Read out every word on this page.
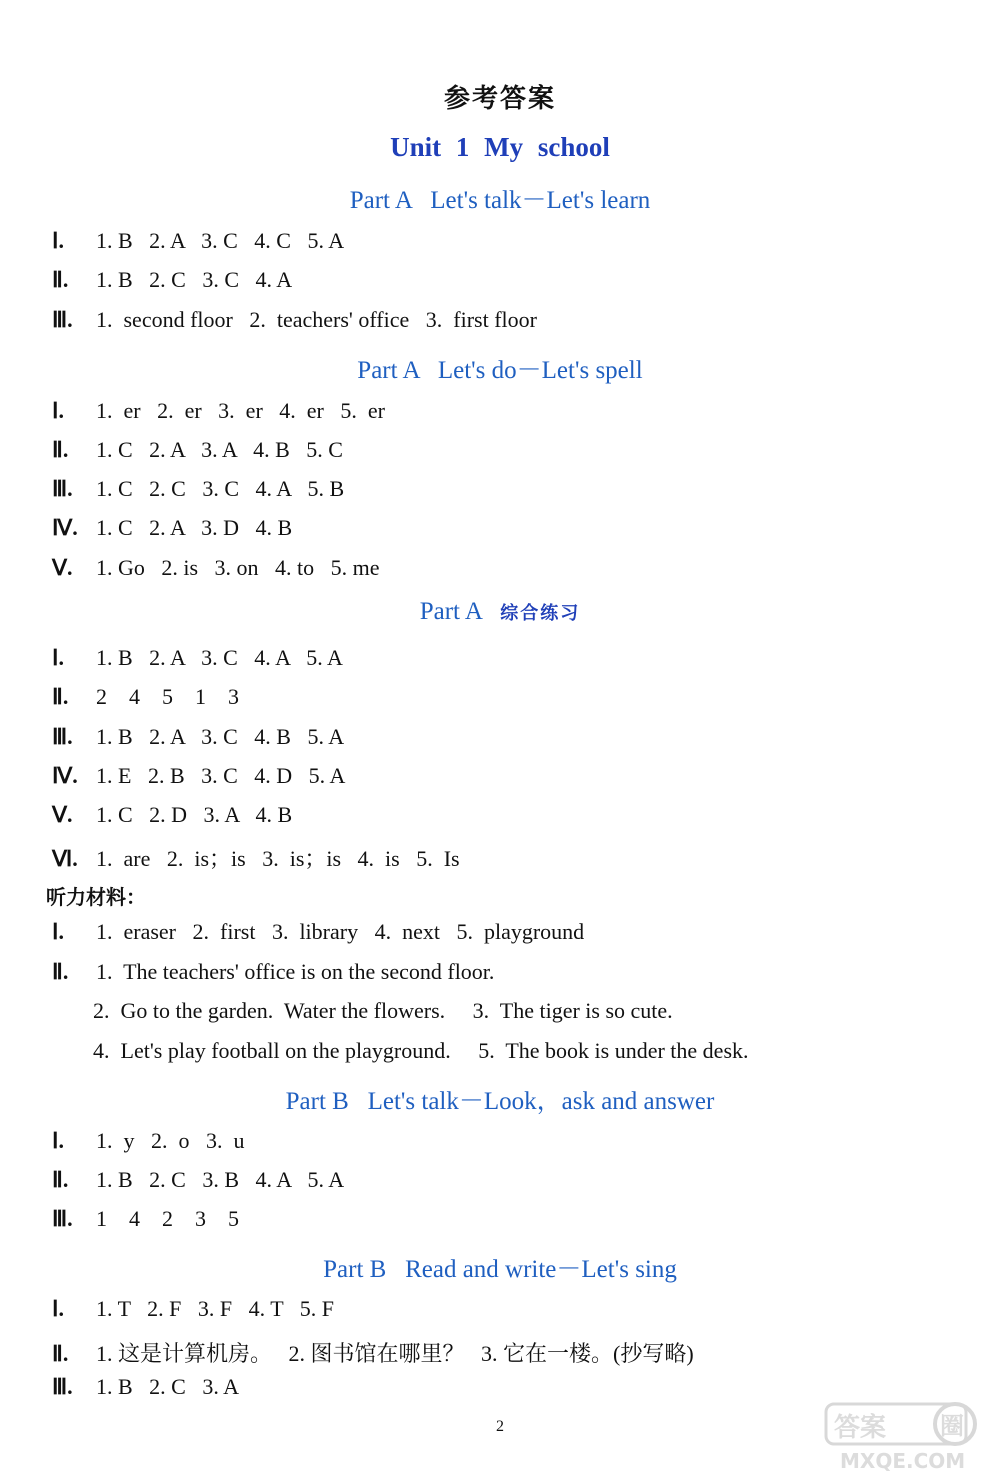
参考答案
Unit 1 My school
Part A   Let's talk－Let's learn
Ⅰ. 1. B   2. A   3. C   4. C   5. A
Ⅱ. 1. B   2. C   3. C   4. A
Ⅲ. 1.  second floor   2.  teachers' office   3.  first floor
Part A   Let's do－Let's spell
Ⅰ. 1.  er   2.  er   3.  er   4.  er   5.  er
Ⅱ. 1. C   2. A   3. A   4. B   5. C
Ⅲ. 1. C   2. C   3. C   4. A   5. B
Ⅳ. 1. C   2. A   3. D   4. B
Ⅴ. 1. Go   2. is   3. on   4. to   5. me
Part A   综合练习
Ⅰ. 1. B   2. A   3. C   4. A   5. A
Ⅱ. 2    4    5    1    3
Ⅲ. 1. B   2. A   3. C   4. B   5. A
Ⅳ. 1. E   2. B   3. C   4. D   5. A
Ⅴ. 1. C   2. D   3. A   4. B
Ⅵ. 1.  are   2.  is；is   3.  is；is   4.  is   5.  Is
听力材料：
Ⅰ. 1.  eraser   2.  first   3.  library   4.  next   5.  playground
Ⅱ. 1.  The teachers' office is on the second floor.
2.  Go to the garden.  Water the flowers.     3.  The tiger is so cute.
4.  Let's play football on the playground.     5.  The book is under the desk.
Part B   Let's talk－Look，ask and answer
Ⅰ. 1.  y   2.  o   3.  u
Ⅱ. 1. B   2. C   3. B   4. A   5. A
Ⅲ. 1    4    2    3    5
Part B   Read and write－Let's sing
Ⅰ. 1. T   2. F   3. F   4. T   5. F
Ⅱ. 1. 这是计算机房。   2. 图书馆在哪里？   3. 它在一楼。(抄写略)
Ⅲ. 1. B   2. C   3. A
2	答案 圈
MXQE.COM
